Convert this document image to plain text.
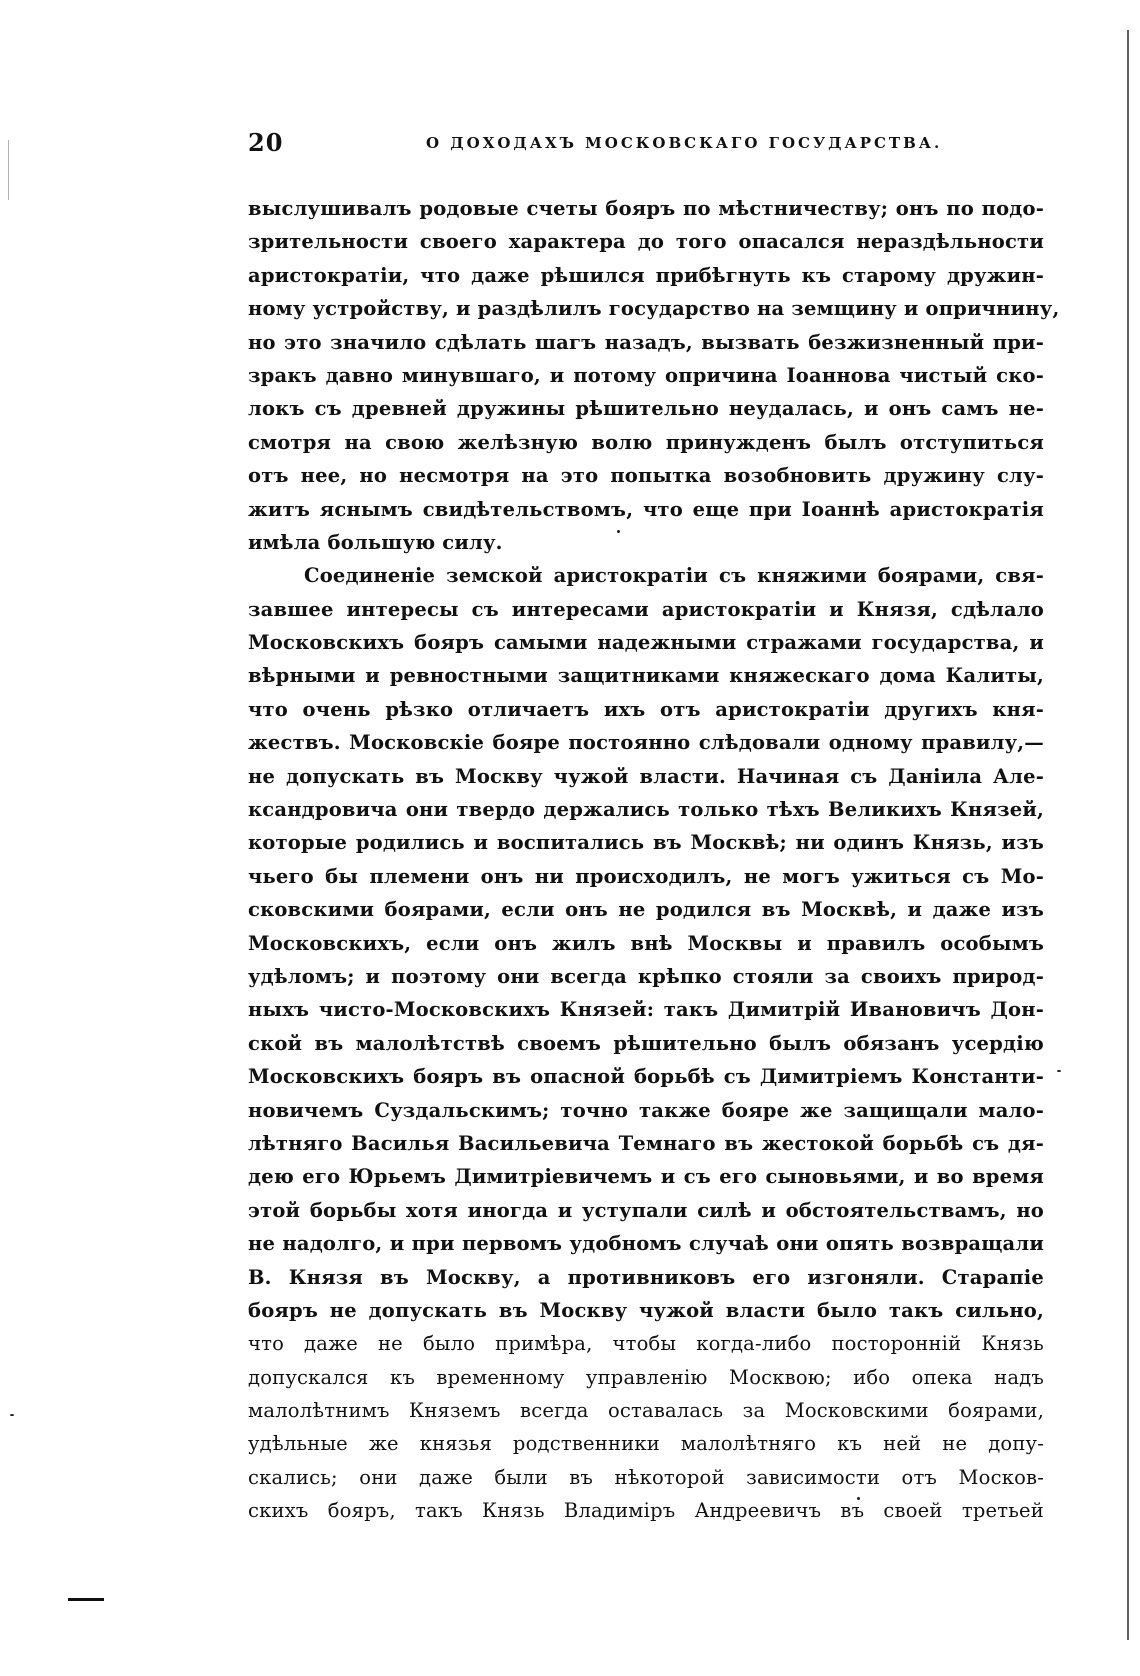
20	О ДОХОДАХЪ МОСКОВСКАГО ГОСУДАРСТВА.
выслушивалъ родовые счеты бояръ по мѣстничеству; онъ по подо-
зрительности своего характера до того опасался нераздѣльности
аристократіи, что даже рѣшился прибѣгнуть къ старому дружин-
ному устройству, и раздѣлилъ государство на земщину и опричнину,
но это значило сдѣлать шагъ назадъ, вызвать безжизненный при-
зракъ давно минувшаго, и потому опричина Іоаннова чистый ско-
локъ съ древней дружины рѣшительно неудалась, и онъ самъ не-
смотря на свою желѣзную волю принужденъ былъ отступиться
отъ нее, но несмотря на это попытка возобновить дружину слу-
житъ яснымъ свидѣтельствомъ, что еще при Іоаннѣ аристократія
имѣла большую силу.
Соединеніе земской аристократіи съ княжими боярами, свя-
завшее интересы съ интересами аристократіи и Князя, сдѣлало
Московскихъ бояръ самыми надежными стражами государства, и
вѣрными и ревностными защитниками княжескаго дома Калиты,
что очень рѣзко отличаетъ ихъ отъ аристократіи другихъ кня-
жествъ. Московскіе бояре постоянно слѣдовали одному правилу,—
не допускать въ Москву чужой власти. Начиная съ Даніила Але-
ксандровича они твердо держались только тѣхъ Великихъ Князей,
которые родились и воспитались въ Москвѣ; ни одинъ Князь, изъ
чьего бы племени онъ ни происходилъ, не могъ ужиться съ Мо-
сковскими боярами, если онъ не родился въ Москвѣ, и даже изъ
Московскихъ, если онъ жилъ внѣ Москвы и правилъ особымъ
удѣломъ; и поэтому они всегда крѣпко стояли за своихъ природ-
ныхъ чисто-Московскихъ Князей: такъ Димитрій Ивановичъ Дон-
ской въ малолѣтствѣ своемъ рѣшительно былъ обязанъ усердію
Московскихъ бояръ въ опасной борьбѣ съ Димитріемъ Константи-
новичемъ Суздальскимъ; точно также бояре же защищали мало-
лѣтняго Василья Васильевича Темнаго въ жестокой борьбѣ съ дя-
дею его Юрьемъ Димитріевичемъ и съ его сыновьями, и во время
этой борьбы хотя иногда и уступали силѣ и обстоятельствамъ, но
не надолго, и при первомъ удобномъ случаѣ они опять возвращали
В. Князя въ Москву, а противниковъ его изгоняли. Старапіе
бояръ не допускать въ Москву чужой власти было такъ сильно,
что даже не было примѣра, чтобы когда-либо посторонній Князь
допускался къ временному управленію Москвою; ибо опека надъ
малолѣтнимъ Княземъ всегда оставалась за Московскими боярами,
удѣльные же князья родственники малолѣтняго къ ней не допу-
скались; они даже были въ нѣкоторой зависимости отъ Москов-
скихъ бояръ, такъ Князь Владиміръ Андреевичъ въ своей третьей
